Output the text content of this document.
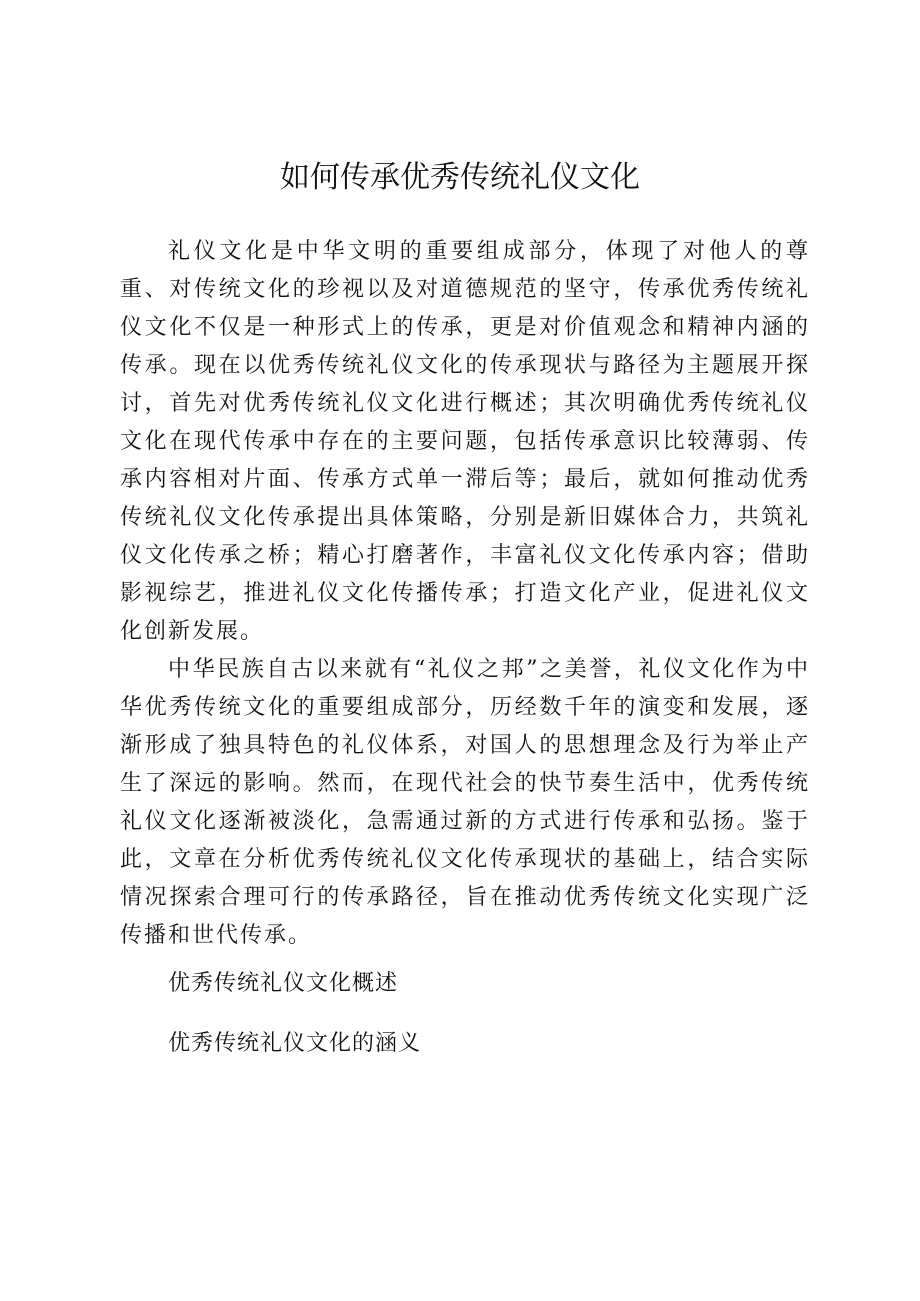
如何传承优秀传统礼仪文化

礼仪文化是中华文明的重要组成部分，体现了对他人的尊重、对传统文化的珍视以及对道德规范的坚守，传承优秀传统礼仪文化不仅是一种形式上的传承，更是对价值观念和精神内涵的传承。现在以优秀传统礼仪文化的传承现状与路径为主题展开探讨，首先对优秀传统礼仪文化进行概述；其次明确优秀传统礼仪文化在现代传承中存在的主要问题，包括传承意识比较薄弱、传承内容相对片面、传承方式单一滞后等；最后，就如何推动优秀传统礼仪文化传承提出具体策略，分别是新旧媒体合力，共筑礼仪文化传承之桥；精心打磨著作，丰富礼仪文化传承内容；借助影视综艺，推进礼仪文化传播传承；打造文化产业，促进礼仪文化创新发展。

中华民族自古以来就有“礼仪之邦”之美誉，礼仪文化作为中华优秀传统文化的重要组成部分，历经数千年的演变和发展，逐渐形成了独具特色的礼仪体系，对国人的思想理念及行为举止产生了深远的影响。然而，在现代社会的快节奏生活中，优秀传统礼仪文化逐渐被淡化，急需通过新的方式进行传承和弘扬。鉴于此，文章在分析优秀传统礼仪文化传承现状的基础上，结合实际情况探索合理可行的传承路径，旨在推动优秀传统文化实现广泛传播和世代传承。

优秀传统礼仪文化概述
优秀传统礼仪文化的涵义
